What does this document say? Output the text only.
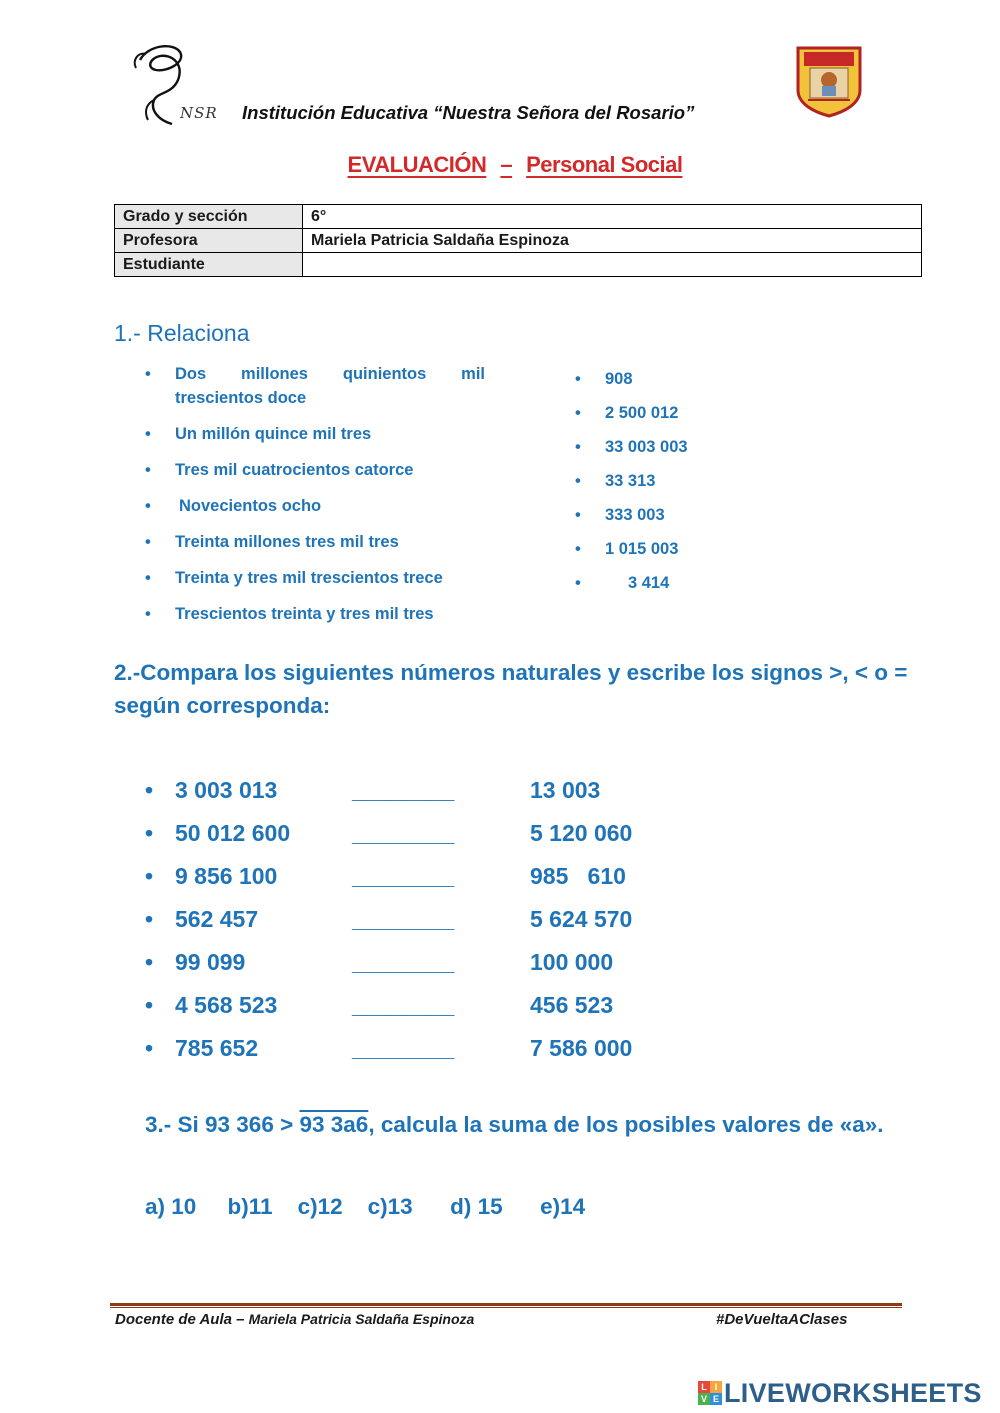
NSR Institución Educativa “Nuestra Señora del Rosario”
EVALUACIÓN – Personal Social
Grado y sección	6°
Profesora	Mariela Patricia Saldaña Espinoza
Estudiante	
1.- Relaciona
• Dos millones quinientos mil trescientos doce
• Un millón quince mil tres
• Tres mil cuatrocientos catorce
• Novecientos ocho
• Treinta millones tres mil tres
• Treinta y tres mil trescientos trece
• Trescientos treinta y tres mil tres
• 908
• 2 500 012
• 33 003 003
• 33 313
• 333 003
• 1 015 003
• 3 414
2.-Compara los siguientes números naturales y escribe los signos >, < o = según corresponda:
• 3 003 013	________	13 003
• 50 012 600	________	5 120 060
• 9 856 100	________	985   610
• 562 457	________	5 624 570
• 99 099	________	100 000
• 4 568 523	________	456 523
• 785 652	________	7 586 000
3.- Si 93 366 > 93 3a6, calcula la suma de los posibles valores de «a».
a) 10     b)11    c)12    c)13      d) 15      e)14
Docente de Aula – Mariela Patricia Saldaña Espinoza	#DeVueltaAClases
L I
V E LIVEWORKSHEETS
